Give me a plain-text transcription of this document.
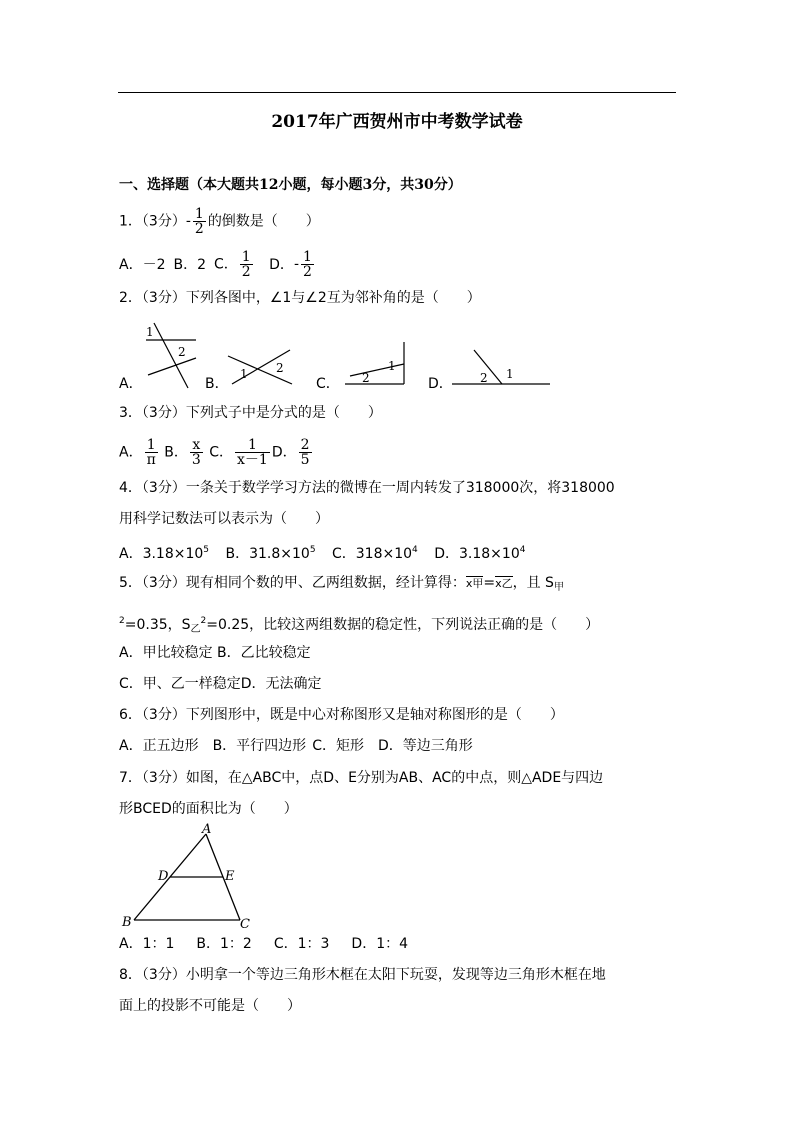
2017年广西贺州市中考数学试卷
一、选择题（本大题共12小题，每小题3分，共30分）
1．（3分）- $\frac{1}{2}$ 的倒数是（　　）
A．－2 B．2 C． $\frac{1}{2}$ D．- $\frac{1}{2}$
2．（3分）下列各图中，∠1与∠2互为邻补角的是（　　）
A．	B．	C．	D．
1
2
1 2	1
2	2 1
3．（3分）下列式子中是分式的是（　　）
A． $\frac{1}{\pi}$ B． $\frac{x}{3}$ C． $\frac{1}{x-1}$ D． $\frac{2}{5}$
4．（3分）一条关于数学学习方法的微博在一周内转发了318000次，将318000
用科学记数法可以表示为（　　）
A．$3.18\times 10^5$ B．$31.8\times 10^5$ C．$318\times 10^4$ D．$3.18\times 10^4$
5．（3分）现有相同个数的甲、乙两组数据，经计算得：x甲=x乙，且 $S_甲$
$^2$=0.35，$S_乙^2=0.25$，比较这两组数据的稳定性，下列说法正确的是（　　）
A．甲比较稳定 B．乙比较稳定
C．甲、乙一样稳定D．无法确定
6．（3分）下列图形中，既是中心对称图形又是轴对称图形的是（　　）
A．正五边形 B．平行四边形 C．矩形 D．等边三角形
7．（3分）如图，在△ABC中，点D、E分别为AB、AC的中点，则△ADE与四边
形BCED的面积比为（　　）
A
B	C
D	E
A．1：1 B．1：2 C．1：3 D．1：4
8．（3分）小明拿一个等边三角形木框在太阳下玩耍，发现等边三角形木框在地
面上的投影不可能是（　　）
